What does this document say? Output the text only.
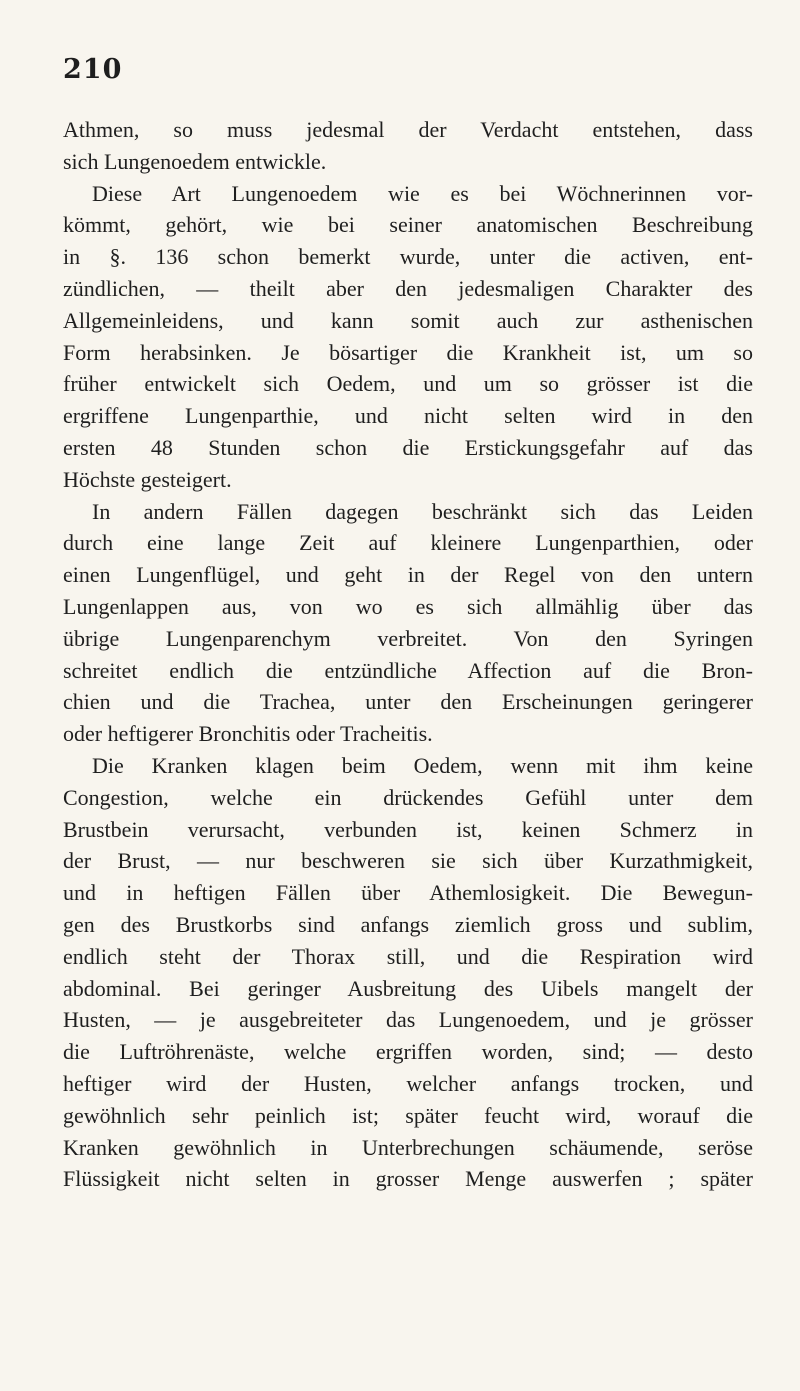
210
Athmen, so muss jedesmal der Verdacht entstehen, dass
sich Lungenoedem entwickle.
Diese Art Lungenoedem wie es bei Wöchnerinnen vor-
kömmt, gehört, wie bei seiner anatomischen Beschreibung
in §. 136 schon bemerkt wurde, unter die activen, ent-
zündlichen, — theilt aber den jedesmaligen Charakter des
Allgemeinleidens, und kann somit auch zur asthenischen
Form herabsinken. Je bösartiger die Krankheit ist, um so
früher entwickelt sich Oedem, und um so grösser ist die
ergriffene Lungenparthie, und nicht selten wird in den
ersten 48 Stunden schon die Erstickungsgefahr auf das
Höchste gesteigert.
In andern Fällen dagegen beschränkt sich das Leiden
durch eine lange Zeit auf kleinere Lungenparthien, oder
einen Lungenflügel, und geht in der Regel von den untern
Lungenlappen aus, von wo es sich allmählig über das
übrige Lungenparenchym verbreitet. Von den Syringen
schreitet endlich die entzündliche Affection auf die Bron-
chien und die Trachea, unter den Erscheinungen geringerer
oder heftigerer Bronchitis oder Tracheitis.
Die Kranken klagen beim Oedem, wenn mit ihm keine
Congestion, welche ein drückendes Gefühl unter dem
Brustbein verursacht, verbunden ist, keinen Schmerz in
der Brust, — nur beschweren sie sich über Kurzathmigkeit,
und in heftigen Fällen über Athemlosigkeit. Die Bewegun-
gen des Brustkorbs sind anfangs ziemlich gross und sublim,
endlich steht der Thorax still, und die Respiration wird
abdominal. Bei geringer Ausbreitung des Uibels mangelt der
Husten, — je ausgebreiteter das Lungenoedem, und je grösser
die Luftröhrenäste, welche ergriffen worden, sind; — desto
heftiger wird der Husten, welcher anfangs trocken, und
gewöhnlich sehr peinlich ist; später feucht wird, worauf die
Kranken gewöhnlich in Unterbrechungen schäumende, seröse
Flüssigkeit nicht selten in grosser Menge auswerfen ; später
